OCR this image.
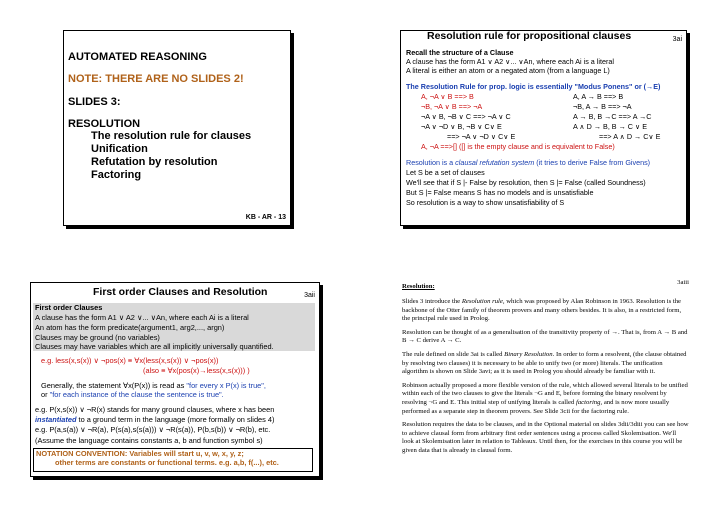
AUTOMATED REASONING
NOTE: THERE ARE NO SLIDES 2!
SLIDES 3:
RESOLUTION
The resolution rule for clauses
Unification
Refutation by resolution
Factoring
KB - AR - 13
Resolution rule for propositional clauses	3ai
Recall the structure of a Clause
A clause has the form A1 ∨ A2 ∨... ∨An, where each Ai is a literal
A literal is either an atom or a negated atom (from a language L)
The Resolution Rule for prop. logic is essentially "Modus Ponens" or (→E)
A, ¬A ∨ B ==> B	A, A → B ==> B
¬B, ¬A ∨ B ==> ¬A	¬B, A → B ==> ¬A
¬A ∨ B, ¬B ∨ C ==> ¬A ∨ C	A → B, B →C ==> A →C
¬A ∨ ¬D ∨ B, ¬B ∨ C∨ E	A ∧ D → B, B → C ∨ E
==> ¬A ∨ ¬D ∨ C∨ E	==> A ∧ D → C∨ E
A, ¬A ==>[] ([] is the empty clause and is equivalent to False)
Resolution is a clausal refutation system (it tries to derive False from Givens)
Let S be a set of clauses
We'll see that if S |- False by resolution, then S |= False (called Soundness)
But S |= False means S has no models and is unsatisfiable
So resolution is a way to show unsatisfiability of S
First order Clauses and Resolution	3aii
First order Clauses
A clause has the form A1 ∨ A2 ∨... ∨An, where each Ai is a literal
An atom has the form predicate(argument1, arg2,..., argn)
Clauses may be ground (no variables)
Clauses may have variables which are all implicitly universally quantified.
e.g. less(x,s(x)) ∨ ¬pos(x) ≡ ∀x(less(x,s(x)) ∨ ¬pos(x))
(also ≡ ∀x(pos(x)→less(x,s(x))) )
Generally, the statement ∀x(P(x)) is read as "for every x P(x) is true",
or "for each instance of the clause the sentence is true".
e.g. P(x,s(x)) ∨ ¬R(x) stands for many ground clauses, where x has been
instantiated to a ground term in the language (more formally on slides 4)
e.g. P(a,s(a)) ∨ ¬R(a), P(s(a),s(s(a))) ∨ ¬R(s(a)), P(b,s(b)) ∨ ¬R(b), etc.
(Assume the language contains constants a, b and function symbol s)
NOTATION CONVENTION: Variables will start u, v, w, x, y, z;
other terms are constants or functional terms. e.g. a,b, f(...), etc.
Resolution:
3aiii

Slides 3 introduce the Resolution rule, which was proposed by Alan Robinson in 1963. Resolution is the backbone of the Otter family of theorem provers and many others besides. It is also, in a restricted form, the principal rule used in Prolog.

Resolution can be thought of as a generalisation of the transitivity property of →. That is, from A → B and B → C derive A → C.

The rule defined on slide 3ai is called Binary Resolution. In order to form a resolvent, (the clause obtained by resolving two clauses) it is necessary to be able to unify two (or more) literals. The unification algorithm is shown on Slide 3avi; as it is used in Prolog you should already be familiar with it.

Robinson actually proposed a more flexible version of the rule, which allowed several literals to be unified within each of the two clauses to give the literals ¬G and E, before forming the binary resolvent by resolving ¬G and E. This initial step of unifying literals is called factoring, and is now more usually performed as a separate step in theorem provers. See Slide 3cii for the factoring rule.

Resolution requires the data to be clauses, and in the Optional material on slides 3dii/3diii you can see how to achieve clausal form from arbitrary first order sentences using a process called Skolemisation. We'll look at Skolemisation later in relation to Tableaux. Until then, for the exercises in this course you will be given data that is already in clausal form.
